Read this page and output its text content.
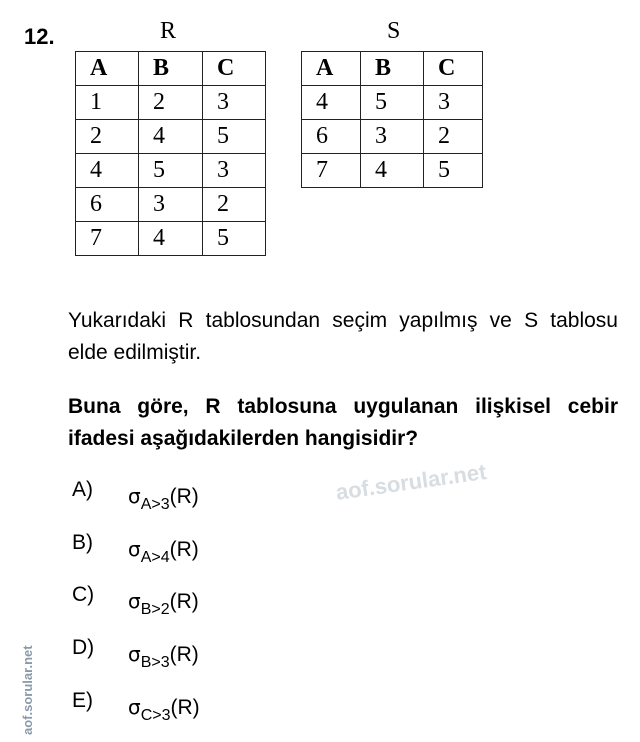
12.	R
A	B	C
1	2	3
2	4	5
4	5	3
6	3	2
7	4	5
S
A	B	C
4	5	3
6	3	2
7	4	5
Yukarıdaki R tablosundan seçim yapılmış ve S tablosu elde edilmiştir.
Buna göre, R tablosuna uygulanan ilişkisel cebir ifadesi aşağıdakilerden hangisidir?
A) $\sigma_{A>3}(R)$
B) $\sigma_{A>4}(R)$
C) $\sigma_{B>2}(R)$
D) $\sigma_{B>3}(R)$
E) $\sigma_{C>3}(R)$
aof.sorular.net
aof.sorular.net
